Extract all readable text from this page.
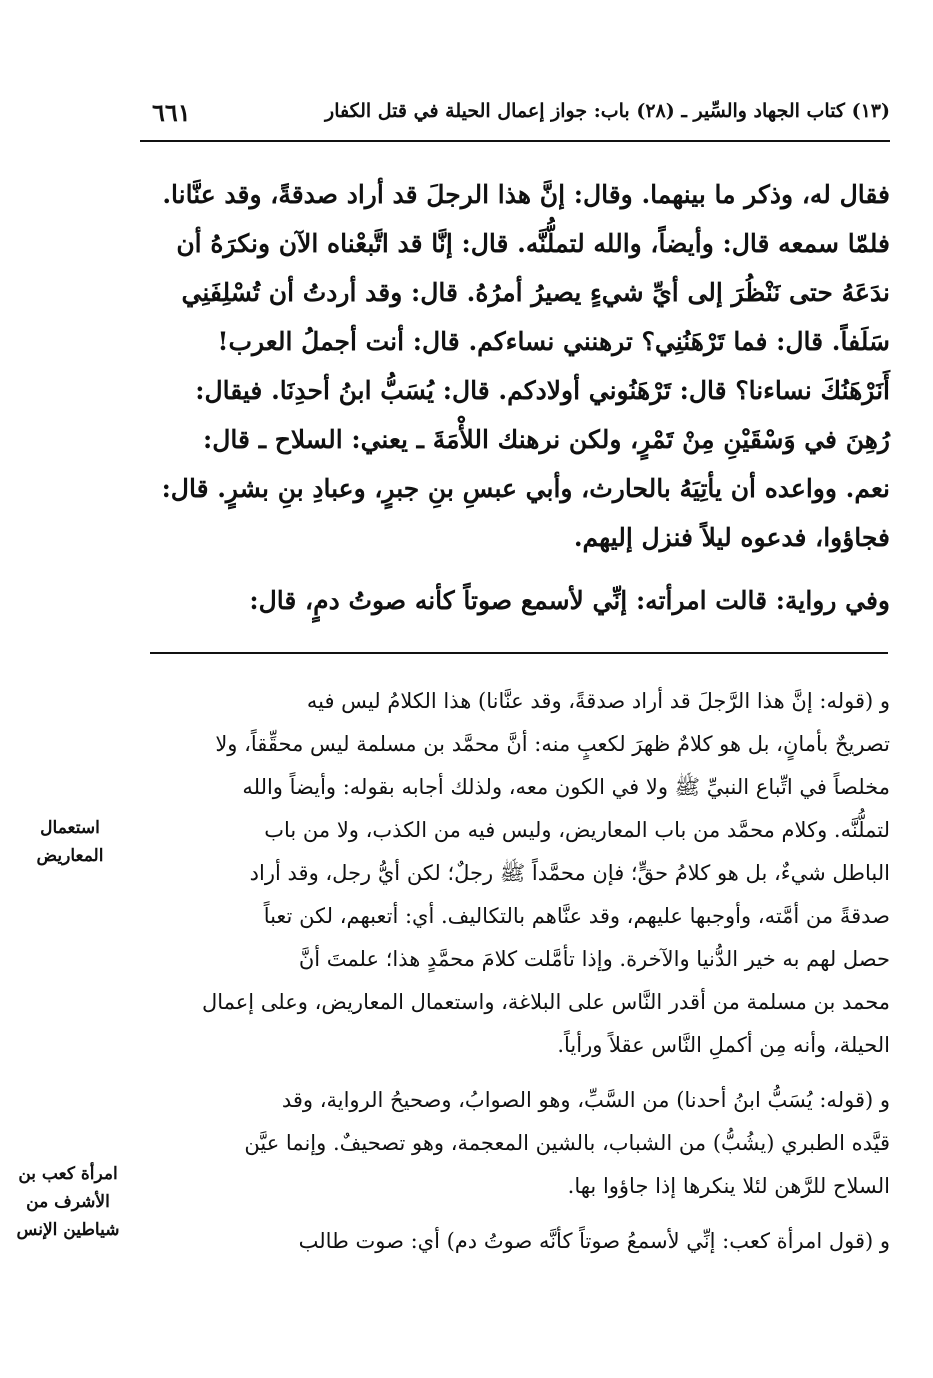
٦٦١	(١٣) كتاب الجهاد والسِّير ـ (٢٨) باب: جواز إعمال الحيلة في قتل الكفار

فقال له، وذكر ما بينهما. وقال: إنَّ هذا الرجلَ قد أراد صدقةً، وقد عنَّانا.

فلمّا سمعه قال: وأيضاً، والله لتملُّنَّه. قال: إنَّا قد اتَّبعْناه الآن ونكرَهُ أن

ندَعَهُ حتى نَنْظُرَ إلى أيِّ شيءٍ يصيرُ أمرُهُ. قال: وقد أردتُ أن تُسْلِفَنِي

سَلَفاً. قال: فما تَرْهَنُنِي؟ ترهنني نساءكم. قال: أنت أجملُ العرب!

أَنَرْهَنُكَ نساءنا؟ قال: تَرْهَنُوني أولادكم. قال: يُسَبُّ ابنُ أحدِنَا. فيقال:

رُهِنَ في وَسْقَيْنِ مِنْ تَمْرٍ، ولكن نرهنك اللأْمَةَ ـ يعني: السلاح ـ قال:

نعم. وواعده أن يأتِيَهُ بالحارث، وأبي عبسِ بنِ جبرٍ، وعبادِ بنِ بشرٍ. قال:

فجاؤوا، فدعوه ليلاً فنزل إليهم.

وفي رواية: قالت امرأته: إنِّي لأسمع صوتاً كأنه صوتُ دمٍ، قال:

و (قوله: إنَّ هذا الرَّجلَ قد أراد صدقةً، وقد عنَّانا) هذا الكلامُ ليس فيه

تصريحٌ بأمانٍ، بل هو كلامٌ ظهرَ لكعبٍ منه: أنَّ محمَّد بن مسلمة ليس محقِّقاً، ولا

مخلصاً في اتِّباع النبيِّ ﷺ ولا في الكون معه، ولذلك أجابه بقوله: وأيضاً والله

لتملُّنَّه. وكلام محمَّد من باب المعاريض، وليس فيه من الكذب، ولا من باب

الباطل شيءٌ، بل هو كلامُ حقٍّ؛ فإن محمَّداً ﷺ رجلٌ؛ لكن أيُّ رجل، وقد أراد

صدقةً من أمَّته، وأوجبها عليهم، وقد عنَّاهم بالتكاليف. أي: أتعبهم، لكن تعباً

حصل لهم به خير الدُّنيا والآخرة. وإذا تأمَّلت كلامَ محمَّدٍ هذا؛ علمتَ أنَّ

محمد بن مسلمة من أقدر النَّاس على البلاغة، واستعمال المعاريض، وعلى إعمال

الحيلة، وأنه مِن أكملِ النَّاس عقلاً ورأياً.

و (قوله: يُسَبُّ ابنُ أحدنا) من السَّبِّ، وهو الصوابُ، وصحيحُ الرواية، وقد

قيَّده الطبري (يشُبُّ) من الشباب، بالشين المعجمة، وهو تصحيفٌ. وإنما عيَّن

السلاح للرَّهن لئلا ينكرها إذا جاؤوا بها.

و (قول امرأة كعب: إنِّي لأسمعُ صوتاً كأنَّه صوتُ دم) أي: صوت طالب

استعمال
المعاريض
امرأة كعب بن
الأشرف من
شياطين الإنس
